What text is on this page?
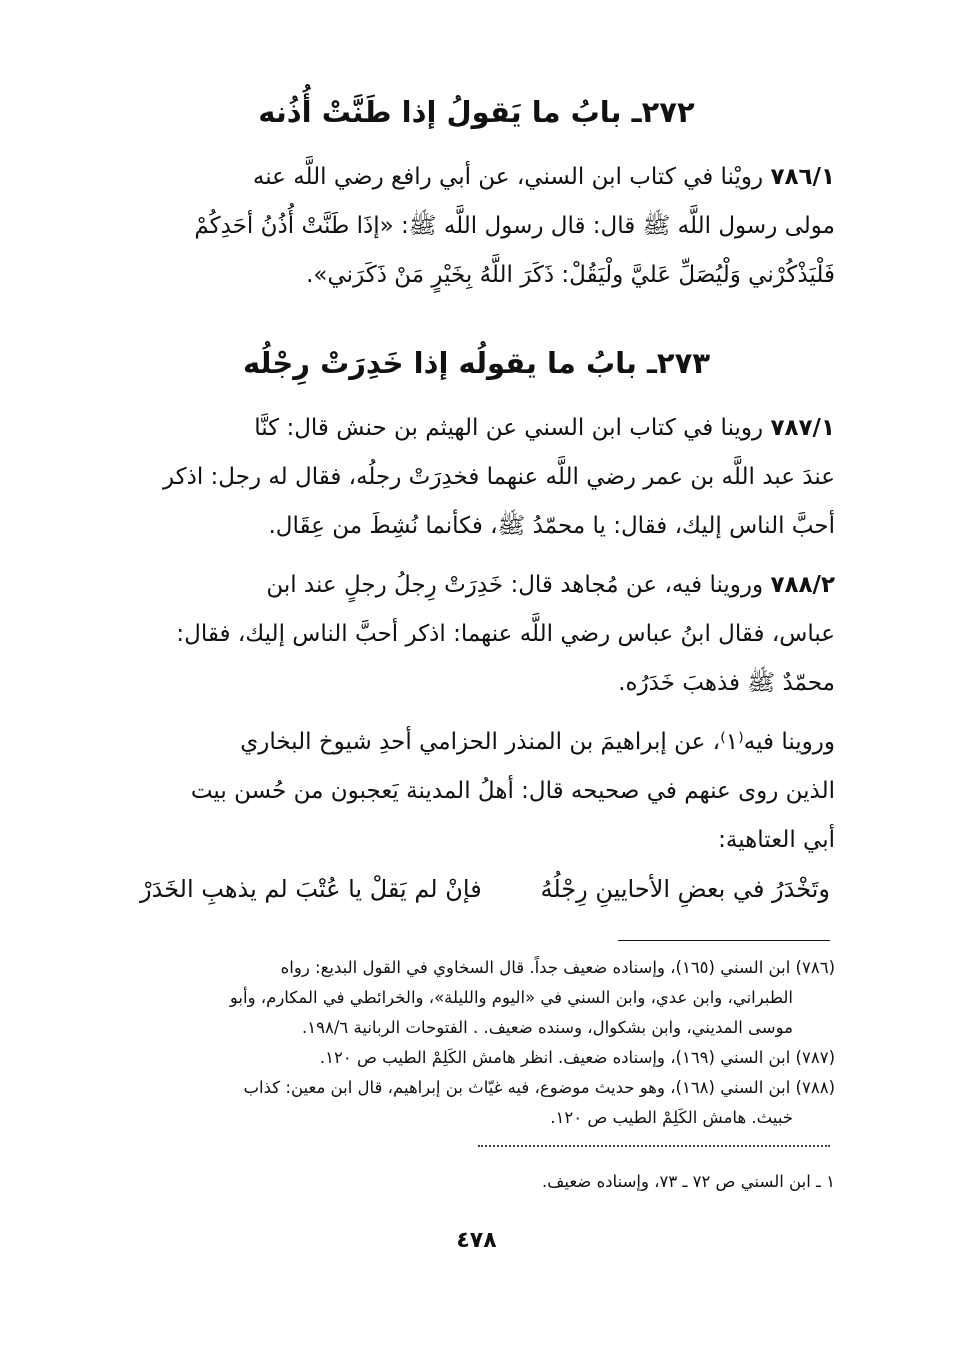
٢٧٢ـ بابُ ما يَقولُ إذا طَنَّتْ أُذُنه
٧٨٦/١ رويْنا في كتاب ابن السني، عن أبي رافع رضي اللَّه عنه
مولى رسول اللَّه ﷺ قال: قال رسول اللَّه ﷺ: «إذَا طَنَّتْ أُذُنُ أحَدِكُمْ
فَلْيَذْكُرْني وَلْيُصَلِّ عَليَّ ولْيَقُلْ: ذَكَرَ اللَّهُ بِخَيْرٍ مَنْ ذَكَرَني».
٢٧٣ـ بابُ ما يقولُه إذا خَدِرَتْ رِجْلُه
٧٨٧/١ روينا في كتاب ابن السني عن الهيثم بن حنش قال: كنَّا
عندَ عبد اللَّه بن عمر رضي اللَّه عنهما فخدِرَتْ رجلُه، فقال له رجل: اذكر
أحبَّ الناس إليك، فقال: يا محمّدُ ﷺ، فكأنما نُشِطَ من عِقَال.
٧٨٨/٢ وروينا فيه، عن مُجاهد قال: خَدِرَتْ رِجلُ رجلٍ عند ابن
عباس، فقال ابنُ عباس رضي اللَّه عنهما: اذكر أحبَّ الناس إليك، فقال:
محمّدٌ ﷺ فذهبَ خَدَرُه.
وروينا فيه⁽١⁾، عن إبراهيمَ بن المنذر الحزامي أحدِ شيوخ البخاري
الذين روى عنهم في صحيحه قال: أهلُ المدينة يَعجبون من حُسن بيت
أبي العتاهية:
وتَخْدَرُ في بعضِ الأحايينِ رِجْلُهُ
فإنْ لم يَقلْ يا عُتْبَ لم يذهبِ الخَدَرْ
(٧٨٦) ابن السني (١٦٥)، وإسناده ضعيف جداً. قال السخاوي في القول البديع: رواه
الطبراني، وابن عدي، وابن السني في «اليوم والليلة»، والخرائطي في المكارم، وأبو
موسى المديني، وابن بشكوال، وسنده ضعيف. . الفتوحات الربانية ١٩٨/٦.
(٧٨٧) ابن السني (١٦٩)، وإسناده ضعيف. انظر هامش الكَلِمْ الطيب ص ١٢٠.
(٧٨٨) ابن السني (١٦٨)، وهو حديث موضوع، فيه غيّاث بن إبراهيم، قال ابن معين: كذاب
خبيث. هامش الكَلِمْ الطيب ص ١٢٠.
١ ـ ابن السني ص ٧٢ ـ ٧٣، وإسناده ضعيف.
٤٧٨
